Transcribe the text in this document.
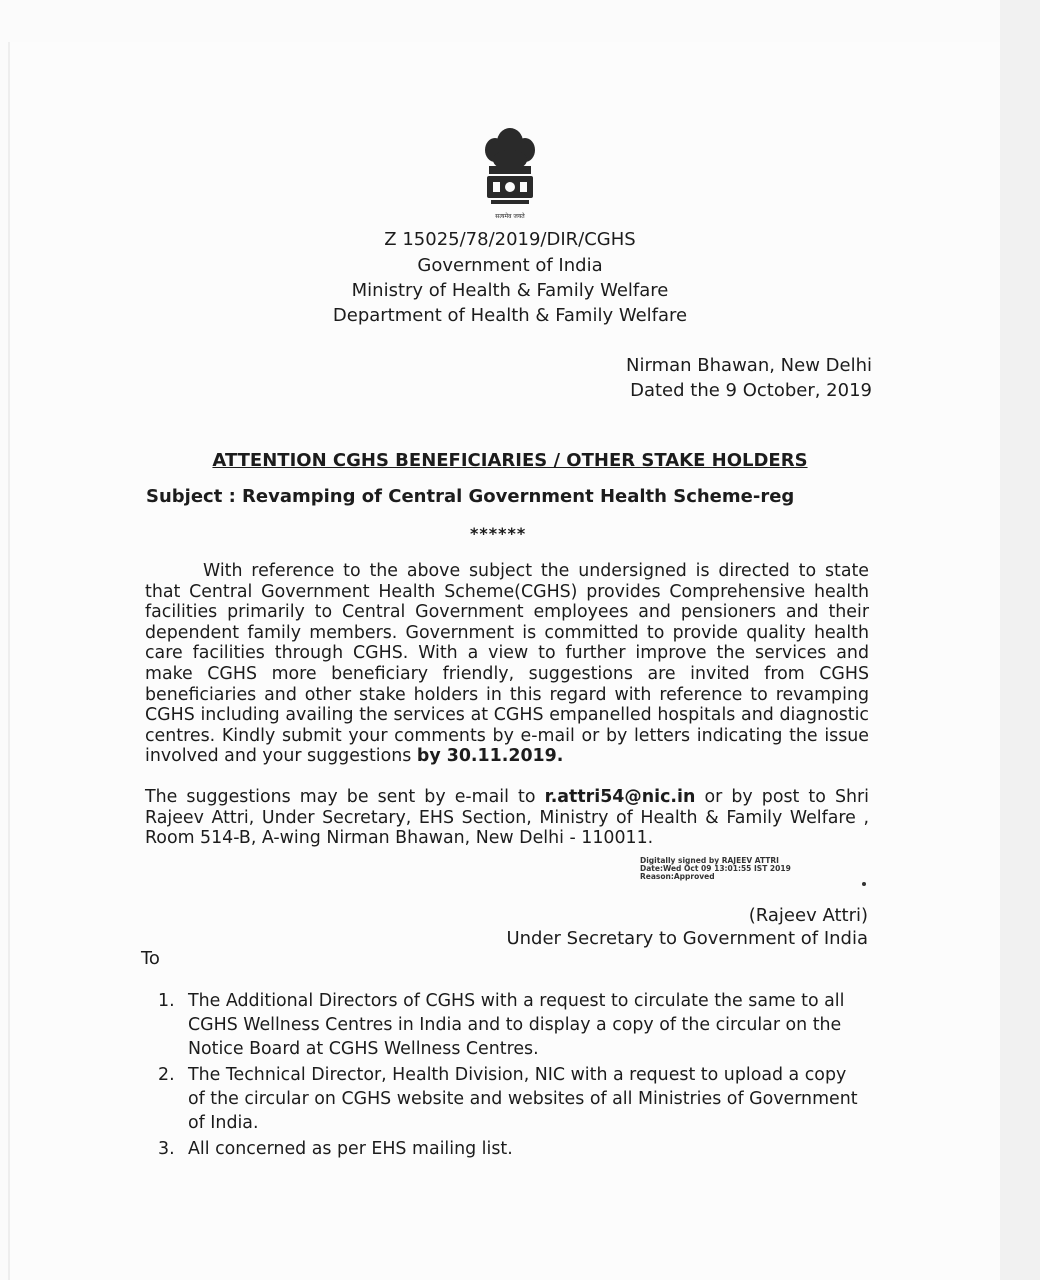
सत्यमेव जयते
Z 15025/78/2019/DIR/CGHS
Government of India
Ministry of Health & Family Welfare
Department of Health & Family Welfare
Nirman Bhawan, New Delhi
Dated the 9 October, 2019
ATTENTION CGHS BENEFICIARIES / OTHER STAKE HOLDERS
Subject : Revamping of Central Government Health Scheme-reg
******
With reference to the above subject the undersigned is directed to state that Central Government Health Scheme(CGHS) provides Comprehensive health facilities primarily to Central Government employees and pensioners and their dependent family members. Government is committed to provide quality health care facilities through CGHS. With a view to further improve the services and make CGHS more beneficiary friendly, suggestions are invited from CGHS beneficiaries and other stake holders in this regard with reference to revamping CGHS including availing the services at CGHS empanelled hospitals and diagnostic centres. Kindly submit your comments by e-mail or by letters indicating the issue involved and your suggestions by 30.11.2019.
The suggestions may be sent by e-mail to r.attri54@nic.in or by post to Shri Rajeev Attri, Under Secretary, EHS Section, Ministry of Health & Family Welfare , Room 514-B, A-wing Nirman Bhawan, New Delhi - 110011.
Digitally signed by RAJEEV ATTRI
Date:Wed Oct 09 13:01:55 IST 2019
Reason:Approved
(Rajeev Attri)
Under Secretary to Government of India
To
1. The Additional Directors of CGHS with a request to circulate the same to all CGHS Wellness Centres in India and to display a copy of the circular on the Notice Board at CGHS Wellness Centres.
2. The Technical Director, Health Division, NIC with a request to upload a copy of the circular on CGHS website and websites of all Ministries of Government of India.
3. All concerned as per EHS mailing list.
